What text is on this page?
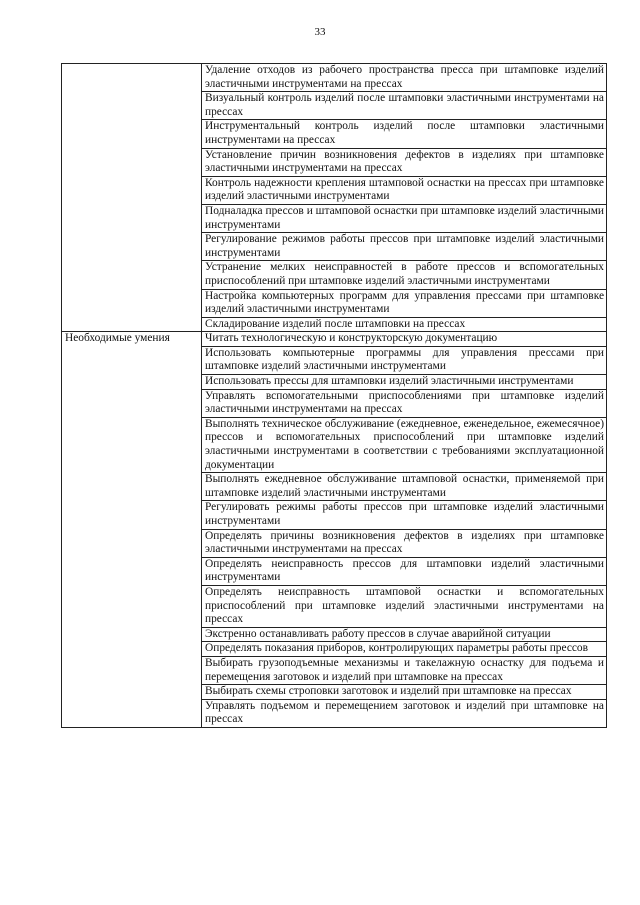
33
	Удаление отходов из рабочего пространства пресса при штамповке изделий эластичными инструментами на прессах
	Визуальный контроль изделий после штамповки эластичными инструментами на прессах
	Инструментальный контроль изделий после штамповки эластичными инструментами на прессах
	Установление причин возникновения дефектов в изделиях при штамповке эластичными инструментами на прессах
	Контроль надежности крепления штамповой оснастки на прессах при штамповке изделий эластичными инструментами
	Подналадка прессов и штамповой оснастки при штамповке изделий эластичными инструментами
	Регулирование режимов работы прессов при штамповке изделий эластичными инструментами
	Устранение мелких неисправностей в работе прессов и вспомогательных приспособлений при штамповке изделий эластичными инструментами
	Настройка компьютерных программ для управления прессами при штамповке изделий эластичными инструментами
	Складирование изделий после штамповки на прессах
Необходимые умения	Читать технологическую и конструкторскую документацию
	Использовать компьютерные программы для управления прессами при штамповке изделий эластичными инструментами
	Использовать прессы для штамповки изделий эластичными инструментами
	Управлять вспомогательными приспособлениями при штамповке изделий эластичными инструментами на прессах
	Выполнять техническое обслуживание (ежедневное, еженедельное, ежемесячное) прессов и вспомогательных приспособлений при штамповке изделий эластичными инструментами в соответствии с требованиями эксплуатационной документации
	Выполнять ежедневное обслуживание штамповой оснастки, применяемой при штамповке изделий эластичными инструментами
	Регулировать режимы работы прессов при штамповке изделий эластичными инструментами
	Определять причины возникновения дефектов в изделиях при штамповке эластичными инструментами на прессах
	Определять неисправность прессов для штамповки изделий эластичными инструментами
	Определять неисправность штамповой оснастки и вспомогательных приспособлений при штамповке изделий эластичными инструментами на прессах
	Экстренно останавливать работу прессов в случае аварийной ситуации
	Определять показания приборов, контролирующих параметры работы прессов
	Выбирать грузоподъемные механизмы и такелажную оснастку для подъема и перемещения заготовок и изделий при штамповке на прессах
	Выбирать схемы строповки заготовок и изделий при штамповке на прессах
	Управлять подъемом и перемещением заготовок и изделий при штамповке на прессах
